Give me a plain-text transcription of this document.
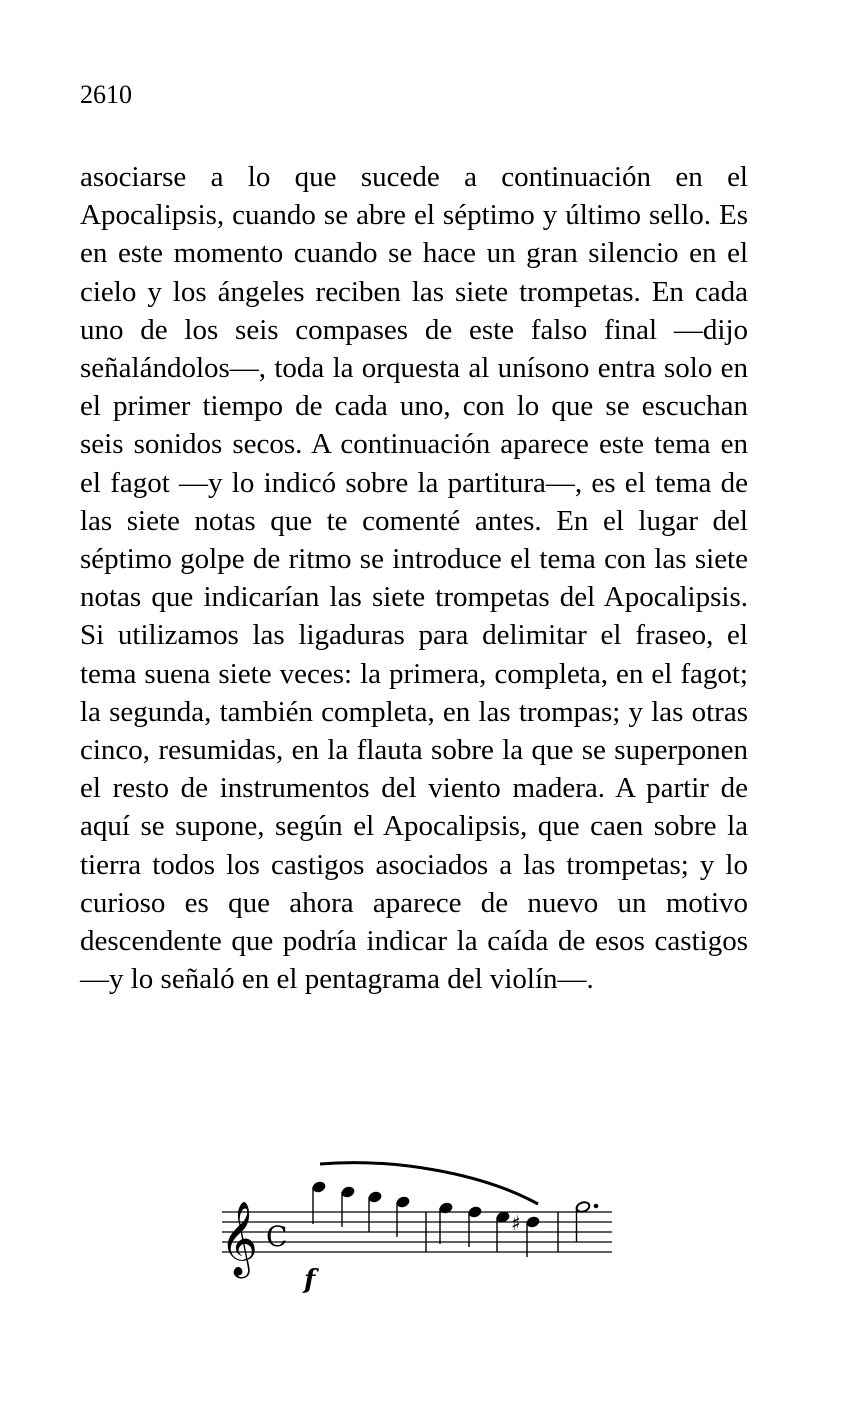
2610

asociarse a lo que sucede a continuación en el Apocalipsis, cuando se abre el séptimo y último sello. Es en este momento cuando se hace un gran silencio en el cielo y los ángeles reciben las siete trompetas. En cada uno de los seis compases de este falso final —dijo señalándolos—, toda la orquesta al unísono entra solo en el primer tiempo de cada uno, con lo que se escuchan seis sonidos secos. A continuación aparece este tema en el fagot —y lo indicó sobre la partitura—, es el tema de las siete notas que te comenté antes. En el lugar del séptimo golpe de ritmo se introduce el tema con las siete notas que indicarían las siete trompetas del Apocalipsis. Si utilizamos las ligaduras para delimitar el fraseo, el tema suena siete veces: la primera, completa, en el fagot; la segunda, también completa, en las trompas; y las otras cinco, resumidas, en la flauta sobre la que se superponen el resto de instrumentos del viento madera. A partir de aquí se supone, según el Apocalipsis, que caen sobre la tierra todos los castigos asociados a las trompetas; y lo curioso es que ahora aparece de nuevo un motivo descendente que podría indicar la caída de esos castigos —y lo señaló en el pentagrama del violín—.

𝄞 C	♯
f
